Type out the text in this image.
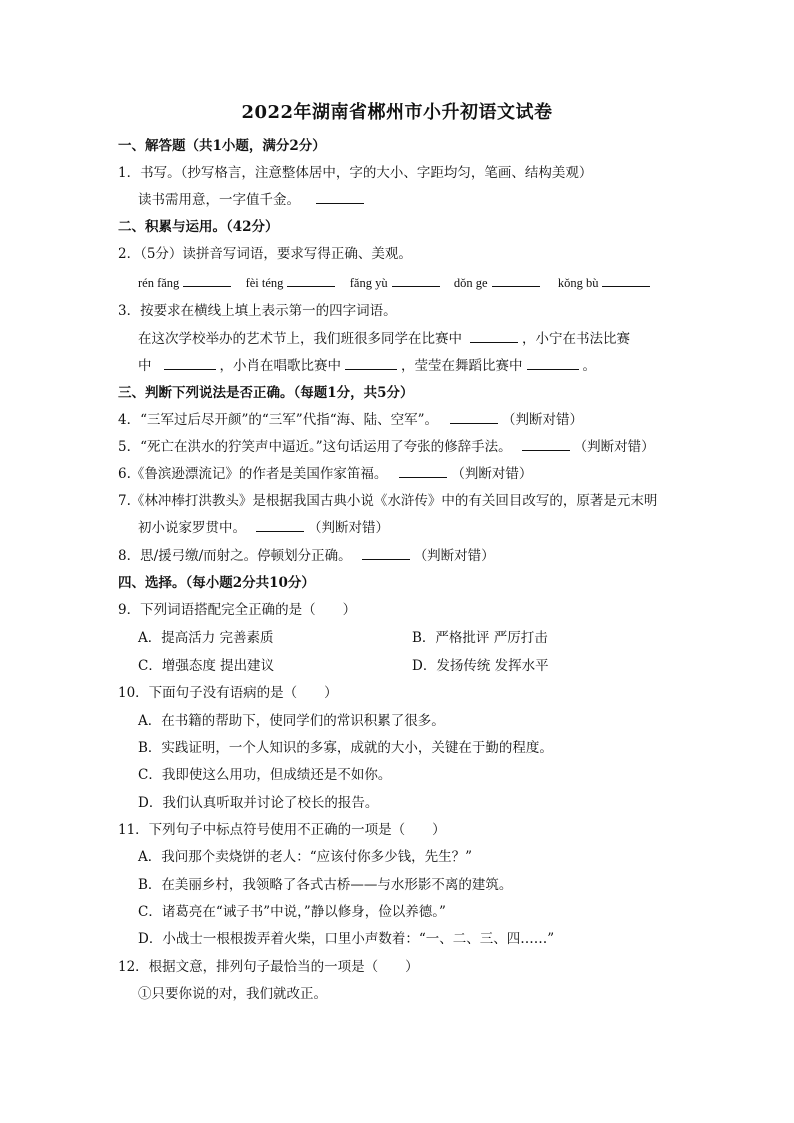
2022年湖南省郴州市小升初语文试卷
一、解答题（共1小题，满分2分）
1．书写。（抄写格言，注意整体居中，字的大小、字距均匀，笔画、结构美观）
读书需用意，一字值千金。
二、积累与运用。（42分）
2．（5分）读拼音写词语，要求写得正确、美观。
rén fǎng	fèi téng	fǎng yù	dǒn ge	kǒng bù
3．按要求在横线上填上表示第一的四字词语。
在这次学校举办的艺术节上，我们班很多同学在比赛中	，小宁在书法比赛
中	，小肖在唱歌比赛中	，莹莹在舞蹈比赛中	。
三、判断下列说法是否正确。（每题1分，共5分）
4．“三军过后尽开颜”的“三军”代指“海、陆、空军”。	（判断对错）
5．“死亡在洪水的狞笑声中逼近。”这句话运用了夸张的修辞手法。	（判断对错）
6.《鲁滨逊漂流记》的作者是美国作家笛福。	（判断对错）
7.《林冲棒打洪教头》是根据我国古典小说《水浒传》中的有关回目改写的，原著是元末明
初小说家罗贯中。	（判断对错）
8．思/援弓缴/而射之。停顿划分正确。	（判断对错）
四、选择。（每小题2分共10分）
9．下列词语搭配完全正确的是（　　）
A．提高活力 完善素质	B．严格批评 严厉打击
C．增强态度 提出建议	D．发扬传统 发挥水平
10．下面句子没有语病的是（　　）
A．在书籍的帮助下，使同学们的常识积累了很多。
B．实践证明，一个人知识的多寡，成就的大小，关键在于勤的程度。
C．我即使这么用功，但成绩还是不如你。
D．我们认真听取并讨论了校长的报告。
11．下列句子中标点符号使用不正确的一项是（　　）
A．我问那个卖烧饼的老人：“应该付你多少钱，先生？”
B．在美丽乡村，我领略了各式古桥——与水形影不离的建筑。
C．诸葛亮在“诫子书”中说，”静以修身，俭以养德。”
D．小战士一根根拨弄着火柴，口里小声数着：“一、二、三、四……”
12．根据文意，排列句子最恰当的一项是（　　）
①只要你说的对，我们就改正。
